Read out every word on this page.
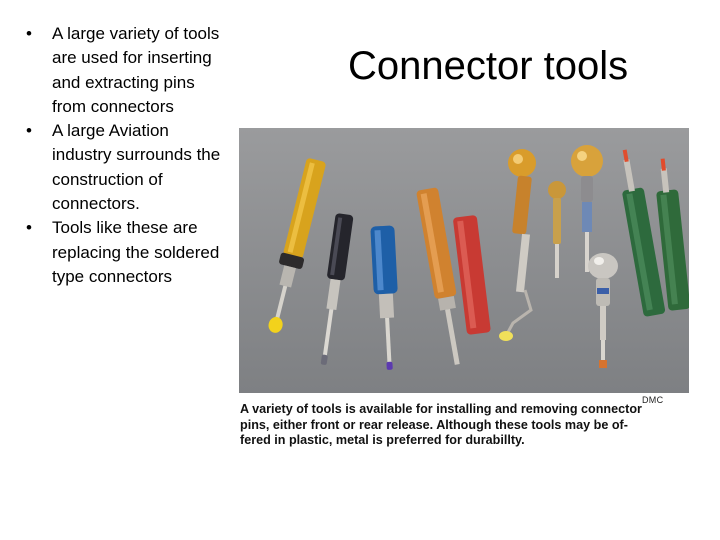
• A large variety of tools are used for inserting and extracting pins from connectors
• A large Aviation industry surrounds the construction of connectors.
• Tools like these are replacing the soldered type connectors
Connector tools
DMC
A variety of tools is available for installing and removing connector
pins, either front or rear release. Although these tools may be of-
fered in plastic, metal is preferred for durabillty.
